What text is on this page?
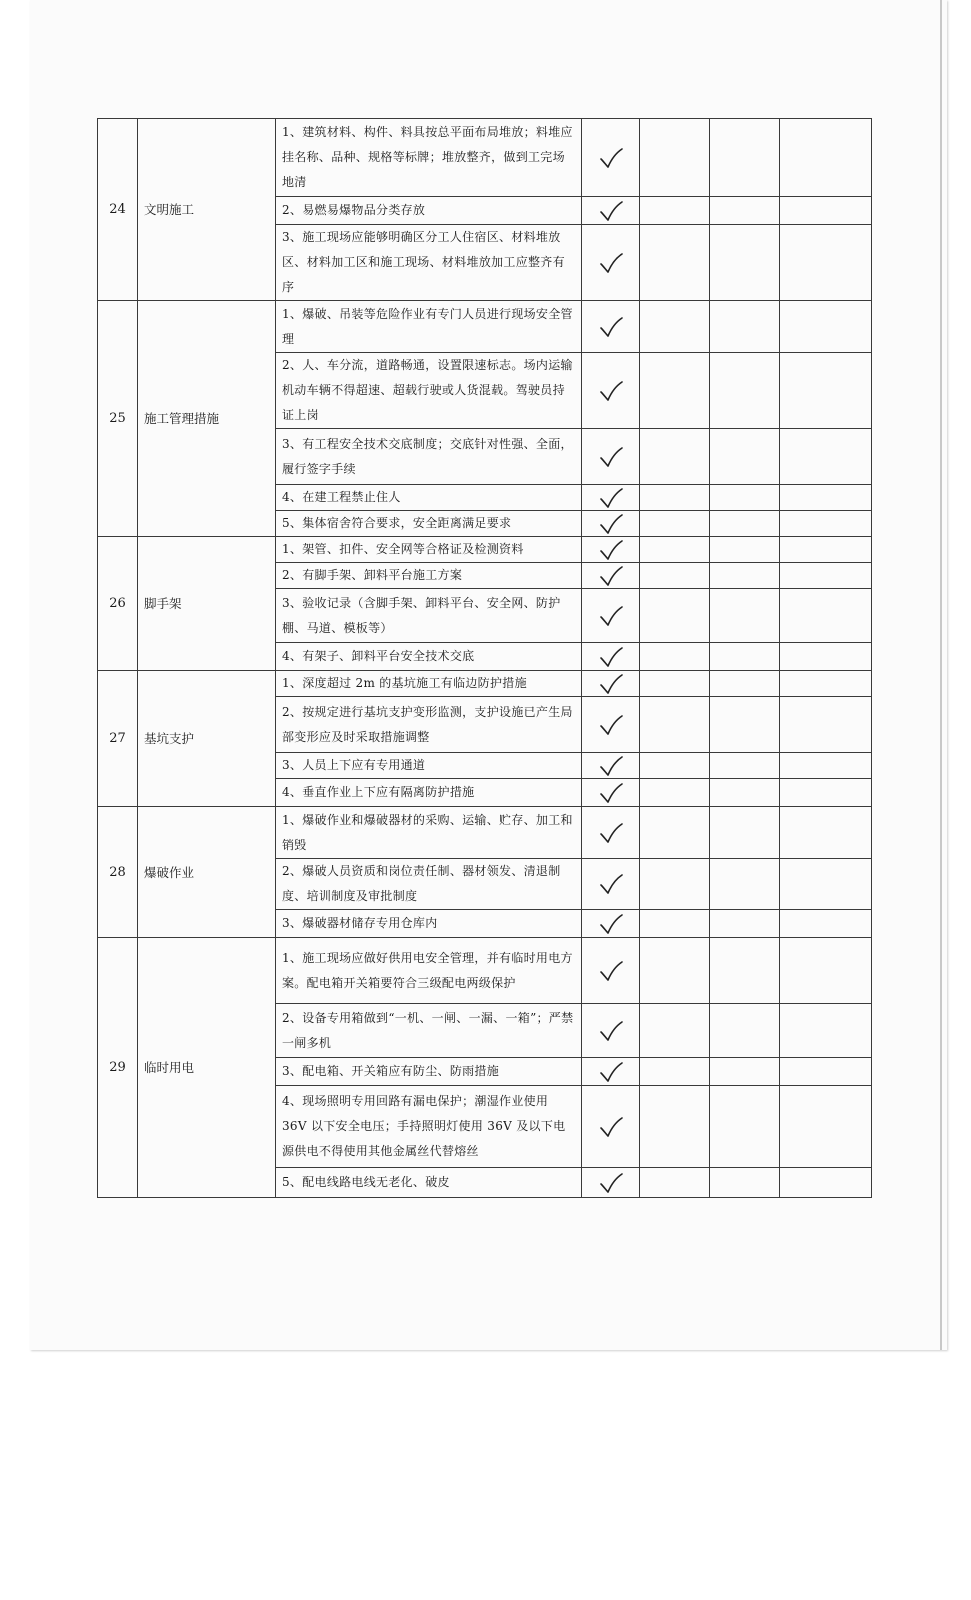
24	文明施工	1、建筑材料、构件、料具按总平面布局堆放；料堆应挂名称、品种、规格等标牌；堆放整齐，做到工完场地清	

		2、易燃易爆物品分类存放	

		3、施工现场应能够明确区分工人住宿区、材料堆放区、材料加工区和施工现场、材料堆放加工应整齐有序	

25	施工管理措施	1、爆破、吊装等危险作业有专门人员进行现场安全管理	

		2、人、车分流，道路畅通，设置限速标志。场内运输机动车辆不得超速、超载行驶或人货混载。驾驶员持证上岗	

		3、有工程安全技术交底制度；交底针对性强、全面，履行签字手续	

		4、在建工程禁止住人	

		5、集体宿舍符合要求，安全距离满足要求	

26	脚手架	1、架管、扣件、安全网等合格证及检测资料	

		2、有脚手架、卸料平台施工方案	

		3、验收记录（含脚手架、卸料平台、安全网、防护棚、马道、模板等）	

		4、有架子、卸料平台安全技术交底	

27	基坑支护	1、深度超过 2m 的基坑施工有临边防护措施	

		2、按规定进行基坑支护变形监测，支护设施已产生局部变形应及时采取措施调整	

		3、人员上下应有专用通道	

		4、垂直作业上下应有隔离防护措施	

28	爆破作业	1、爆破作业和爆破器材的采购、运输、贮存、加工和销毁	

		2、爆破人员资质和岗位责任制、器材领发、清退制度、培训制度及审批制度	

		3、爆破器材储存专用仓库内	

29	临时用电	1、施工现场应做好供用电安全管理，并有临时用电方案。配电箱开关箱要符合三级配电两级保护	

		2、设备专用箱做到“一机、一闸、一漏、一箱”；严禁一闸多机	

		3、配电箱、开关箱应有防尘、防雨措施	

		4、现场照明专用回路有漏电保护；潮湿作业使用 36V 以下安全电压；手持照明灯使用 36V 及以下电源供电不得使用其他金属丝代替熔丝	

		5、配电线路电线无老化、破皮	
